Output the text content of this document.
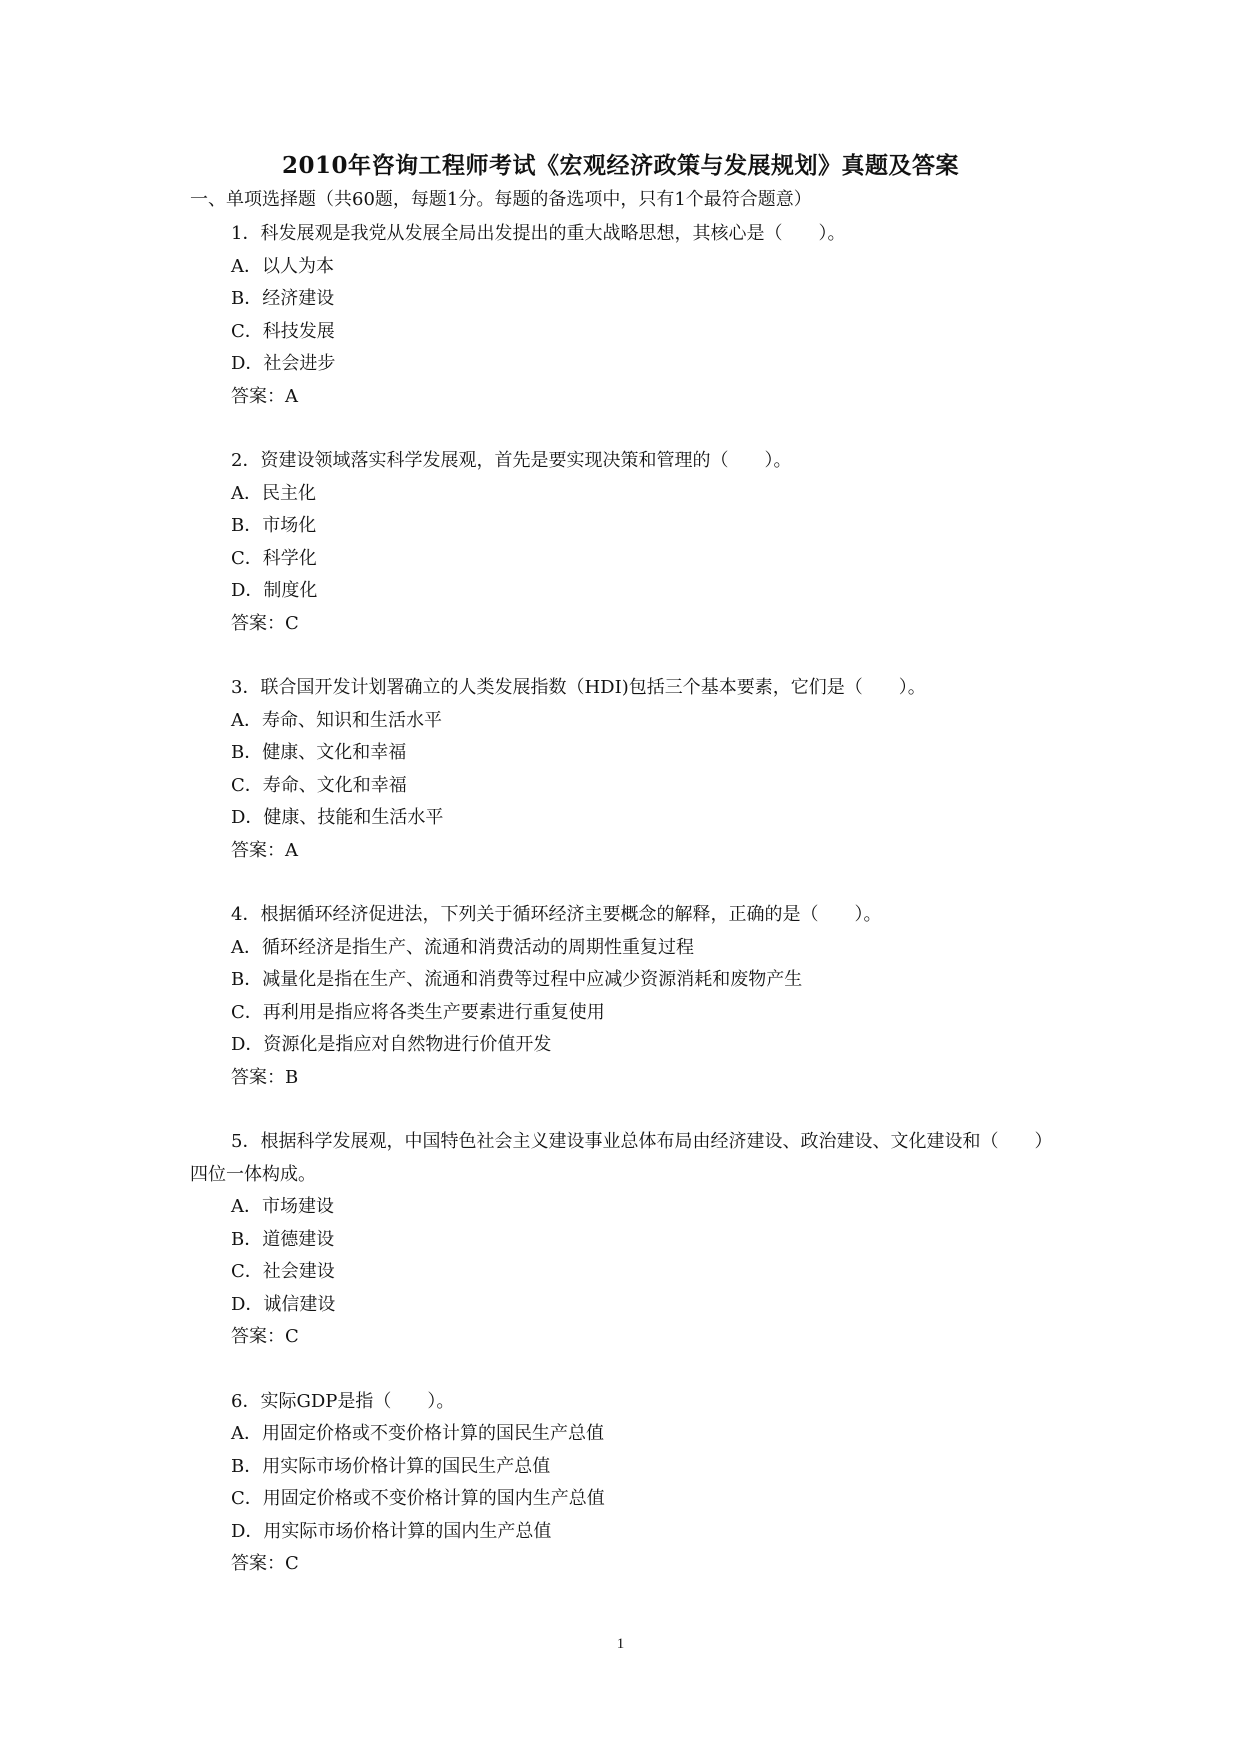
2010年咨询工程师考试《宏观经济政策与发展规划》真题及答案

一、单项选择题（共60题，每题1分。每题的备选项中，只有1个最符合题意）

1．科发展观是我党从发展全局出发提出的重大战略思想，其核心是（　　）。

A．以人为本

B．经济建设

C．科技发展

D．社会进步

答案：A

2．资建设领域落实科学发展观，首先是要实现决策和管理的（　　）。

A．民主化

B．市场化

C．科学化

D．制度化

答案：C

3．联合国开发计划署确立的人类发展指数（HDI)包括三个基本要素，它们是（　　）。

A．寿命、知识和生活水平

B．健康、文化和幸福

C．寿命、文化和幸福

D．健康、技能和生活水平

答案：A

4．根据循环经济促进法，下列关于循环经济主要概念的解释，正确的是（　　）。

A．循环经济是指生产、流通和消费活动的周期性重复过程

B．减量化是指在生产、流通和消费等过程中应减少资源消耗和废物产生

C．再利用是指应将各类生产要素进行重复使用

D．资源化是指应对自然物进行价值开发

答案：B

5．根据科学发展观，中国特色社会主义建设事业总体布局由经济建设、政治建设、文化建设和（　　）四位一体构成。

A．市场建设

B．道德建设

C．社会建设

D．诚信建设

答案：C

6．实际GDP是指（　　）。

A．用固定价格或不变价格计算的国民生产总值

B．用实际市场价格计算的国民生产总值

C．用固定价格或不变价格计算的国内生产总值

D．用实际市场价格计算的国内生产总值

答案：C

1
